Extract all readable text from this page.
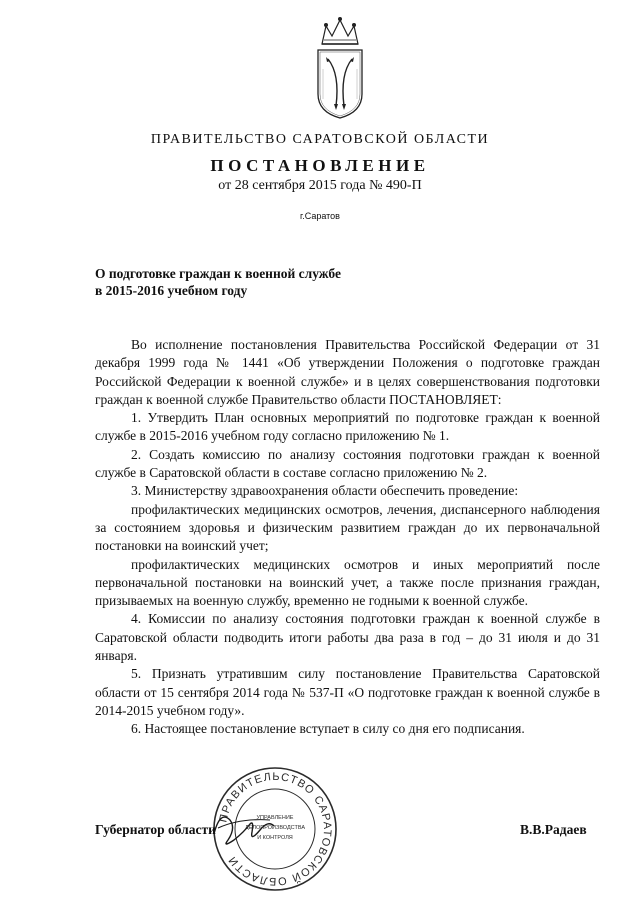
ПРАВИТЕЛЬСТВО САРАТОВСКОЙ ОБЛАСТИ
ПОСТАНОВЛЕНИЕ
от 28 сентября 2015 года № 490-П
г.Саратов
О подготовке граждан к военной службе
в 2015-2016 учебном году

Во исполнение постановления Правительства Российской Федерации от 31 декабря 1999 года № 1441 «Об утверждении Положения о подготовке граждан Российской Федерации к военной службе» и в целях совершенствования подготовки граждан к военной службе Правительство области ПОСТАНОВЛЯЕТ:

1. Утвердить План основных мероприятий по подготовке граждан к военной службе в 2015-2016 учебном году согласно приложению № 1.

2. Создать комиссию по анализу состояния подготовки граждан к военной службе в Саратовской области в составе согласно приложению № 2.

3. Министерству здравоохранения области обеспечить проведение:

профилактических медицинских осмотров, лечения, диспансерного наблюдения за состоянием здоровья и физическим развитием граждан до их первоначальной постановки на воинский учет;

профилактических медицинских осмотров и иных мероприятий после первоначальной постановки на воинский учет, а также после признания граждан, призываемых на военную службу, временно не годными к военной службе.

4. Комиссии по анализу состояния подготовки граждан к военной службе в Саратовской области подводить итоги работы два раза в год – до 31 июля и до 31 января.

5. Признать утратившим силу постановление Правительства Саратовской области от 15 сентября 2014 года № 537-П «О подготовке граждан к военной службе в 2014-2015 учебном году».

6. Настоящее постановление вступает в силу со дня его подписания.

ПРАВИТЕЛЬСТВО САРАТОВСКОЙ ОБЛАСТИ
УПРАВЛЕНИЕ
ДЕЛОПРОИЗВОДСТВА
И КОНТРОЛЯ
Губернатор области	В.В.Радаев
